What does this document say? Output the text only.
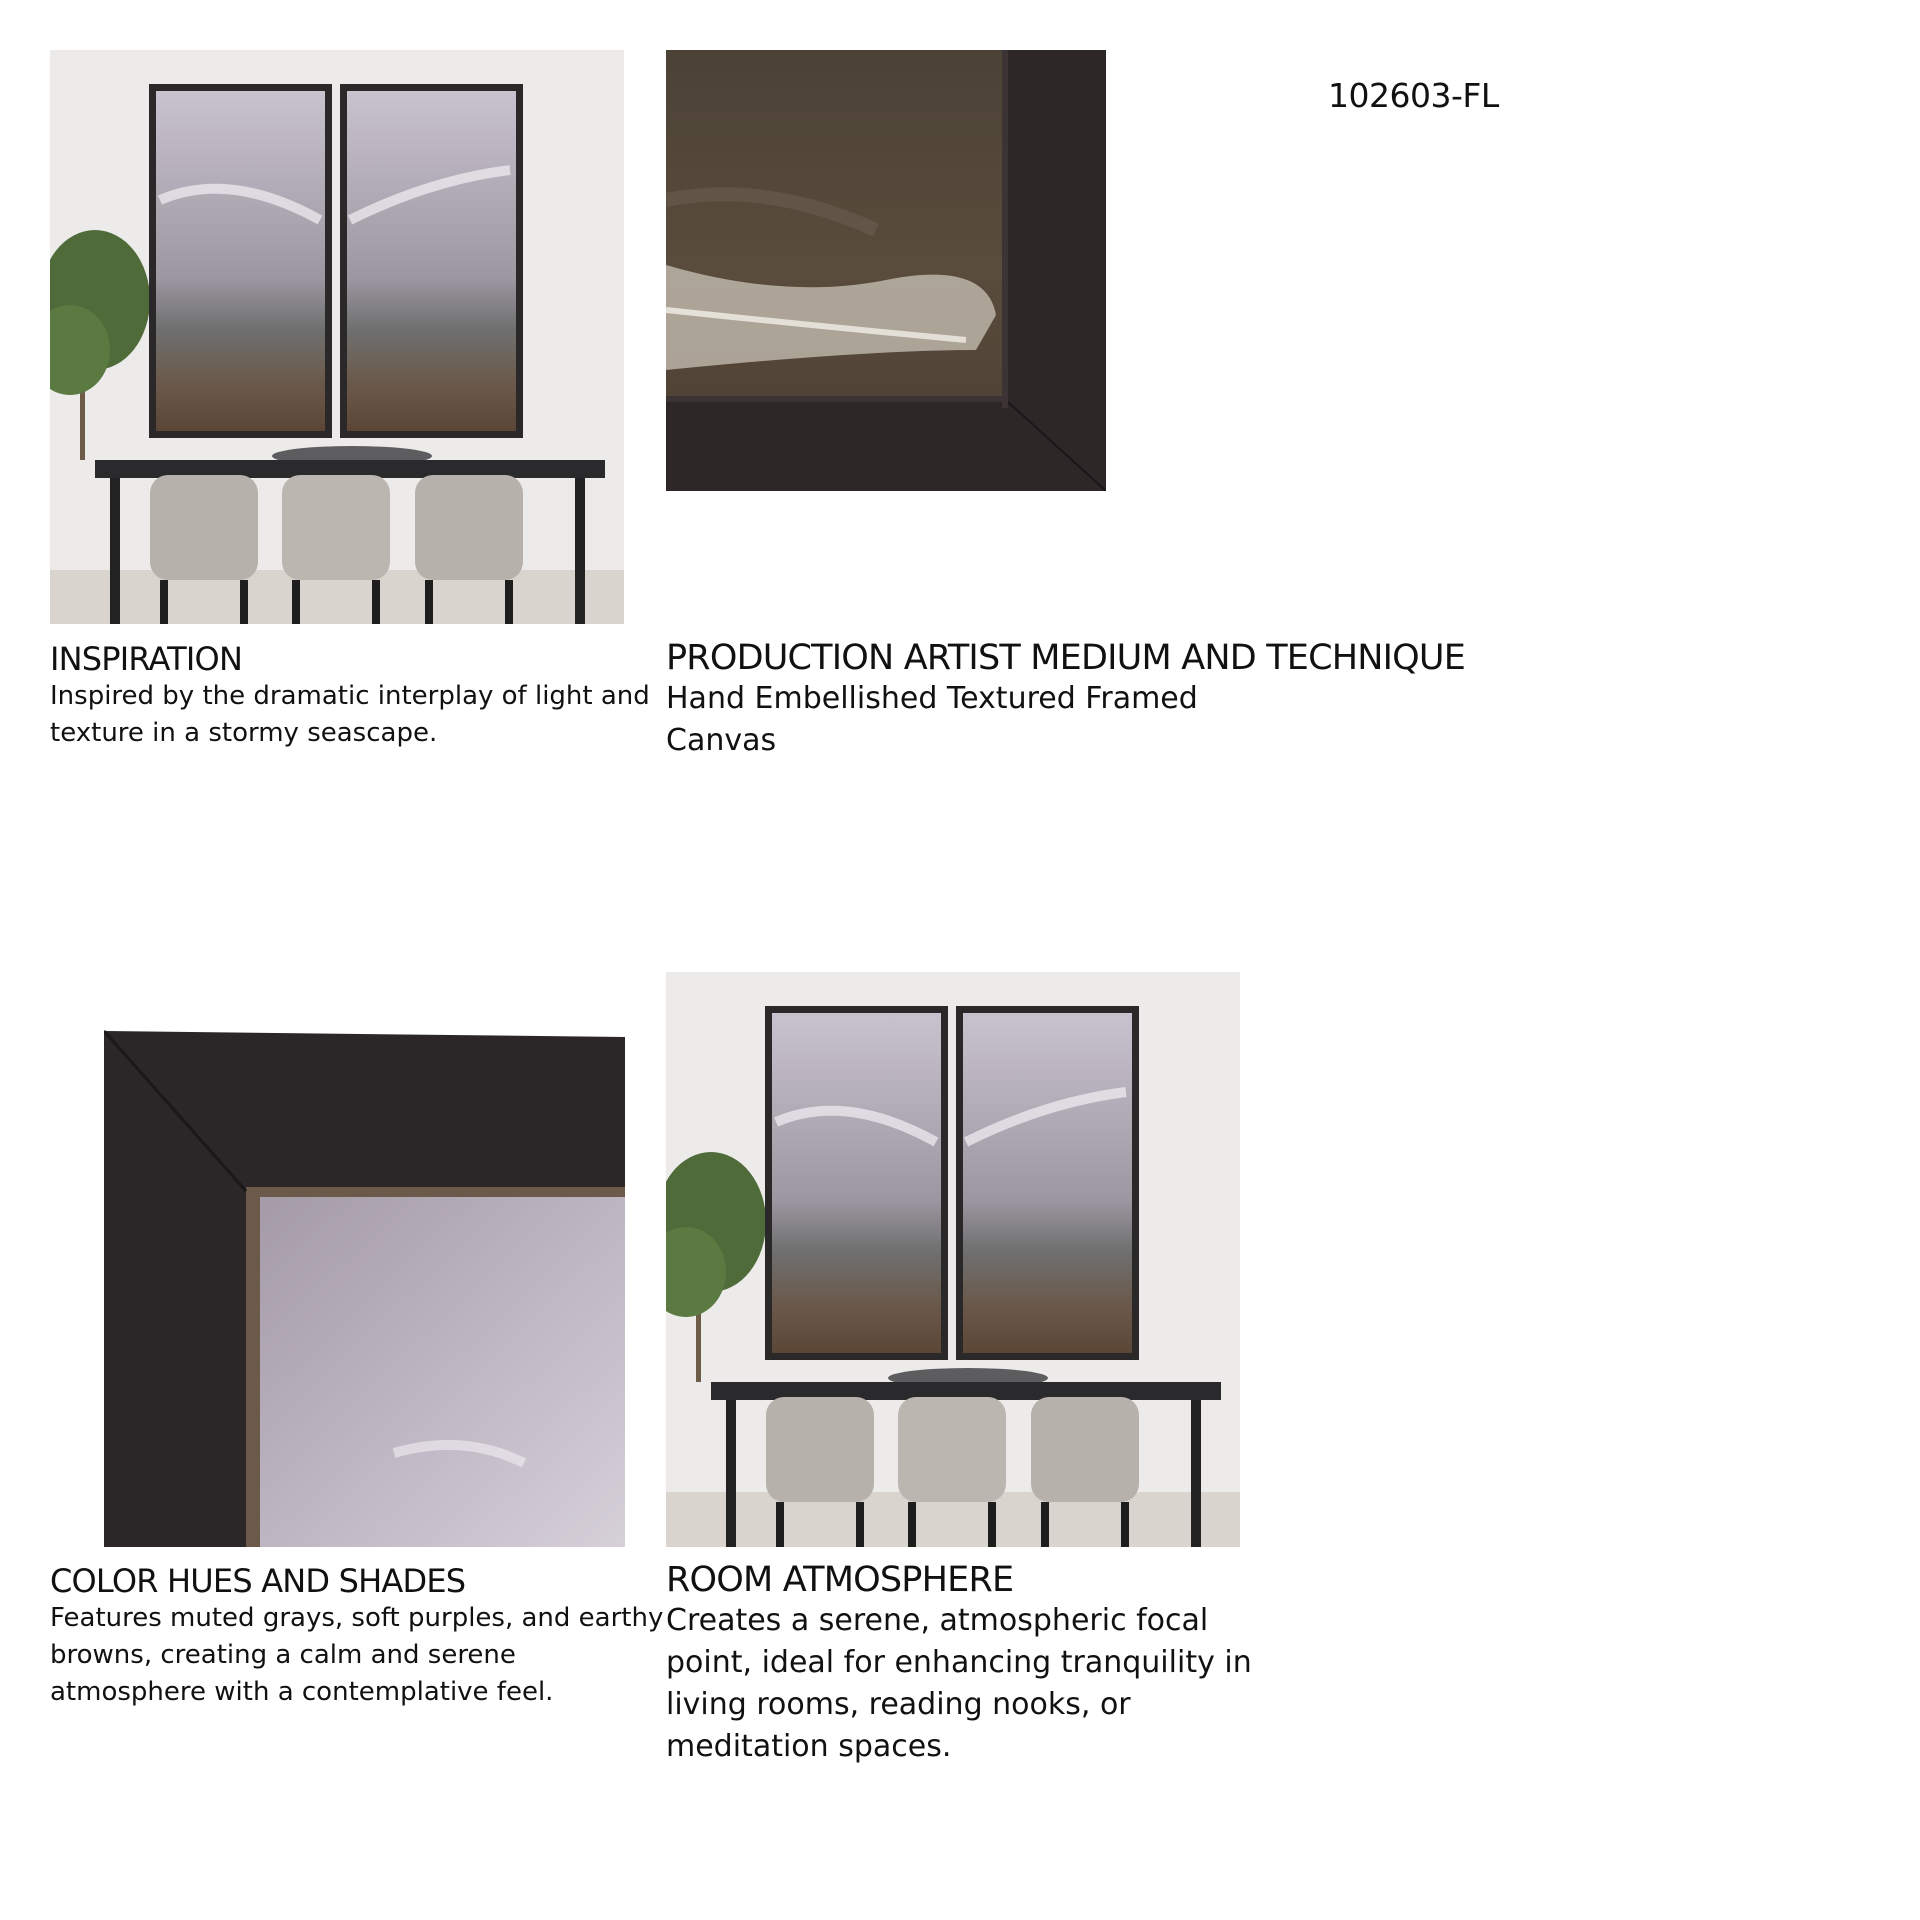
102603-FL
INSPIRATION

Inspired by the dramatic interplay of light and

texture in a stormy seascape.

PRODUCTION ARTIST MEDIUM AND TECHNIQUE

Hand Embellished Textured Framed

Canvas

COLOR HUES AND SHADES

Features muted grays, soft purples, and earthy

browns, creating a calm and serene

atmosphere with a contemplative feel.

ROOM ATMOSPHERE

Creates a serene, atmospheric focal

point, ideal for enhancing tranquility in

living rooms, reading nooks, or

meditation spaces.
